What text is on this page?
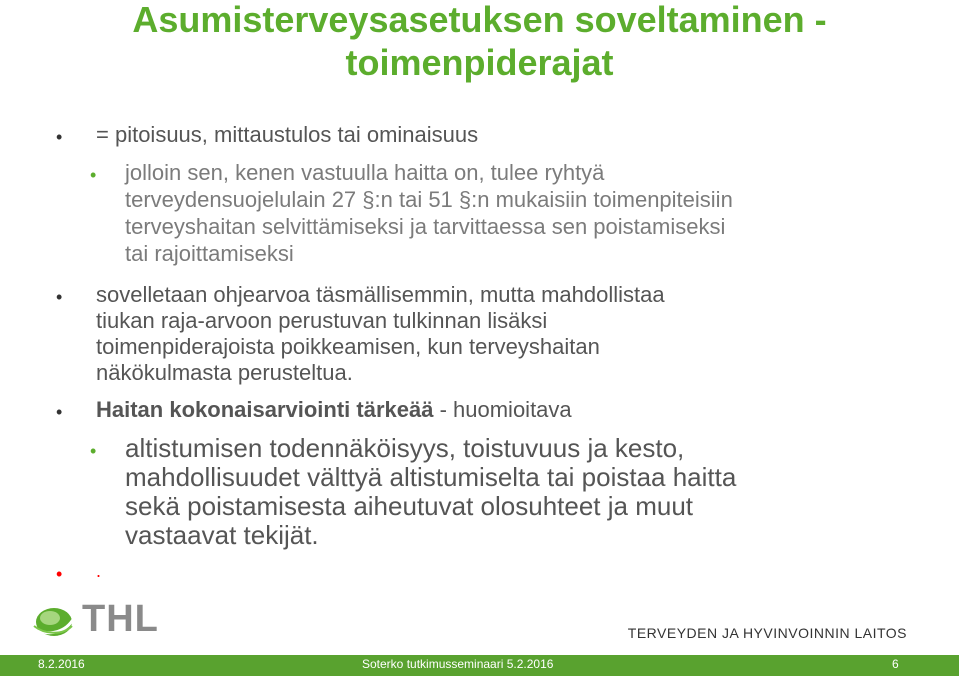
Asumisterveysasetuksen soveltaminen -
toimenpiderajat
• = pitoisuus, mittaustulos tai ominaisuus
• jolloin sen, kenen vastuulla haitta on, tulee ryhtyä
terveydensuojelulain 27 §:n tai 51 §:n mukaisiin toimenpiteisiin
terveyshaitan selvittämiseksi ja tarvittaessa sen poistamiseksi
tai rajoittamiseksi
• sovelletaan ohjearvoa täsmällisemmin, mutta mahdollistaa
tiukan raja-arvoon perustuvan tulkinnan lisäksi
toimenpiderajoista poikkeamisen, kun terveyshaitan
näkökulmasta perusteltua.
• Haitan kokonaisarviointi tärkeää - huomioitava
• altistumisen todennäköisyys, toistuvuus ja kesto,
mahdollisuudet välttyä altistumiselta tai poistaa haitta
sekä poistamisesta aiheutuvat olosuhteet ja muut
vastaavat tekijät.
• .
THL	TERVEYDEN JA HYVINVOINNIN LAITOS
8.2.2016	Soterko tutkimusseminaari 5.2.2016	6
